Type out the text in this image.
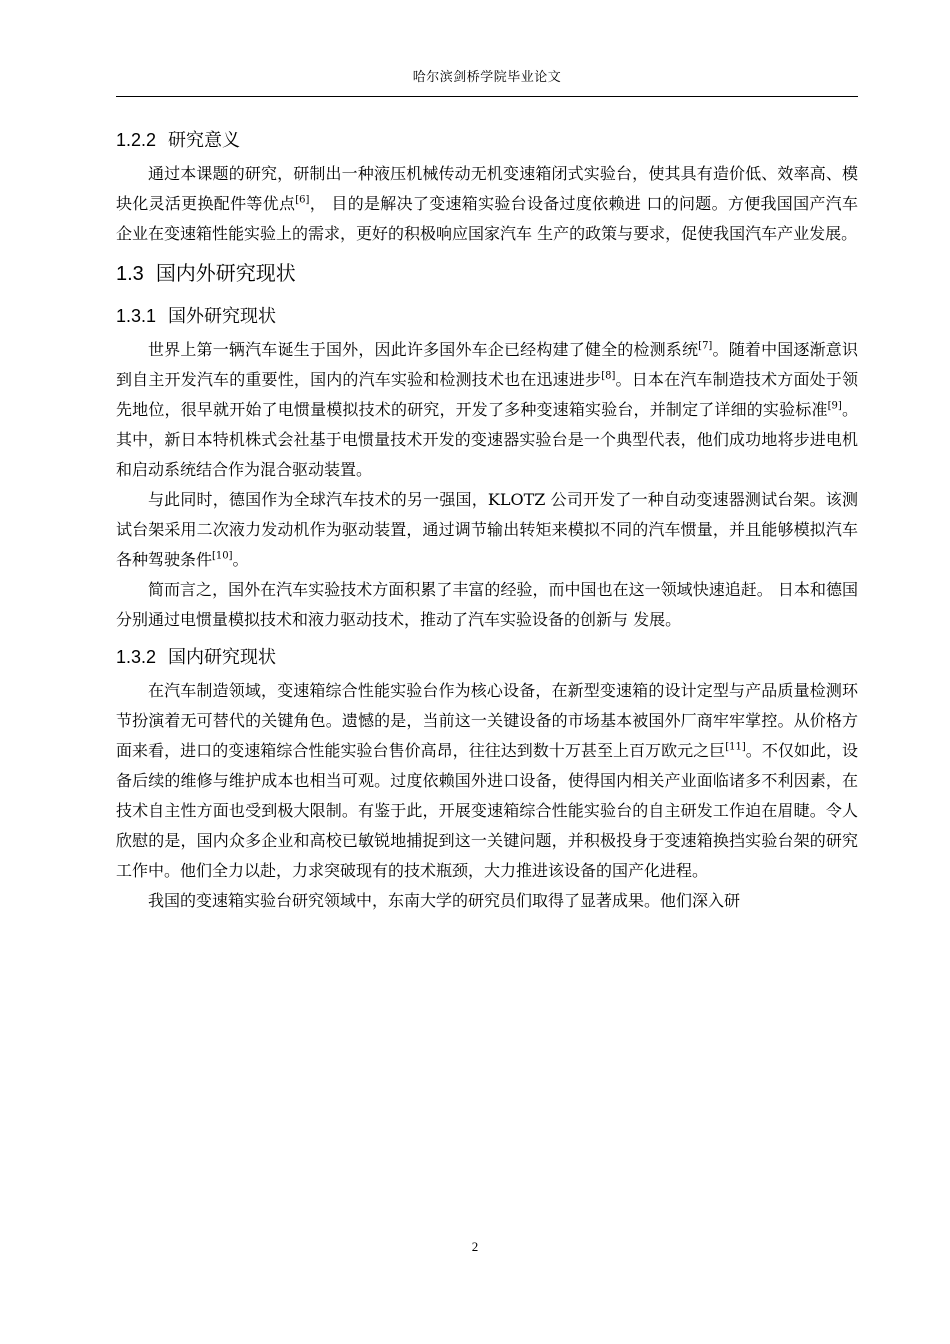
哈尔滨剑桥学院毕业论文
1.2.2 研究意义

通过本课题的研究，研制出一种液压机械传动无机变速箱闭式实验台，使其具有造价低、效率高、模块化灵活更换配件等优点[6]， 目的是解决了变速箱实验台设备过度依赖进 口的问题。方便我国国产汽车企业在变速箱性能实验上的需求，更好的积极响应国家汽车 生产的政策与要求，促使我国汽车产业发展。

1.3 国内外研究现状
1.3.1 国外研究现状

世界上第一辆汽车诞生于国外，因此许多国外车企已经构建了健全的检测系统[7]。随着中国逐渐意识到自主开发汽车的重要性，国内的汽车实验和检测技术也在迅速进步[8]。日本在汽车制造技术方面处于领先地位，很早就开始了电惯量模拟技术的研究，开发了多种变速箱实验台，并制定了详细的实验标准[9]。其中，新日本特机株式会社基于电惯量技术开发的变速器实验台是一个典型代表，他们成功地将步进电机和启动系统结合作为混合驱动装置。

与此同时，德国作为全球汽车技术的另一强国，KLOTZ 公司开发了一种自动变速器测试台架。该测试台架采用二次液力发动机作为驱动装置，通过调节输出转矩来模拟不同的汽车惯量，并且能够模拟汽车各种驾驶条件[10]。

简而言之，国外在汽车实验技术方面积累了丰富的经验，而中国也在这一领域快速追赶。 日本和德国分别通过电惯量模拟技术和液力驱动技术，推动了汽车实验设备的创新与 发展。

1.3.2 国内研究现状

在汽车制造领域，变速箱综合性能实验台作为核心设备，在新型变速箱的设计定型与产品质量检测环节扮演着无可替代的关键角色。遗憾的是，当前这一关键设备的市场基本被国外厂商牢牢掌控。从价格方面来看，进口的变速箱综合性能实验台售价高昂，往往达到数十万甚至上百万欧元之巨[11]。不仅如此，设备后续的维修与维护成本也相当可观。过度依赖国外进口设备，使得国内相关产业面临诸多不利因素，在技术自主性方面也受到极大限制。有鉴于此，开展变速箱综合性能实验台的自主研发工作迫在眉睫。令人欣慰的是，国内众多企业和高校已敏锐地捕捉到这一关键问题，并积极投身于变速箱换挡实验台架的研究工作中。他们全力以赴，力求突破现有的技术瓶颈，大力推进该设备的国产化进程。

我国的变速箱实验台研究领域中，东南大学的研究员们取得了显著成果。他们深入研

2
